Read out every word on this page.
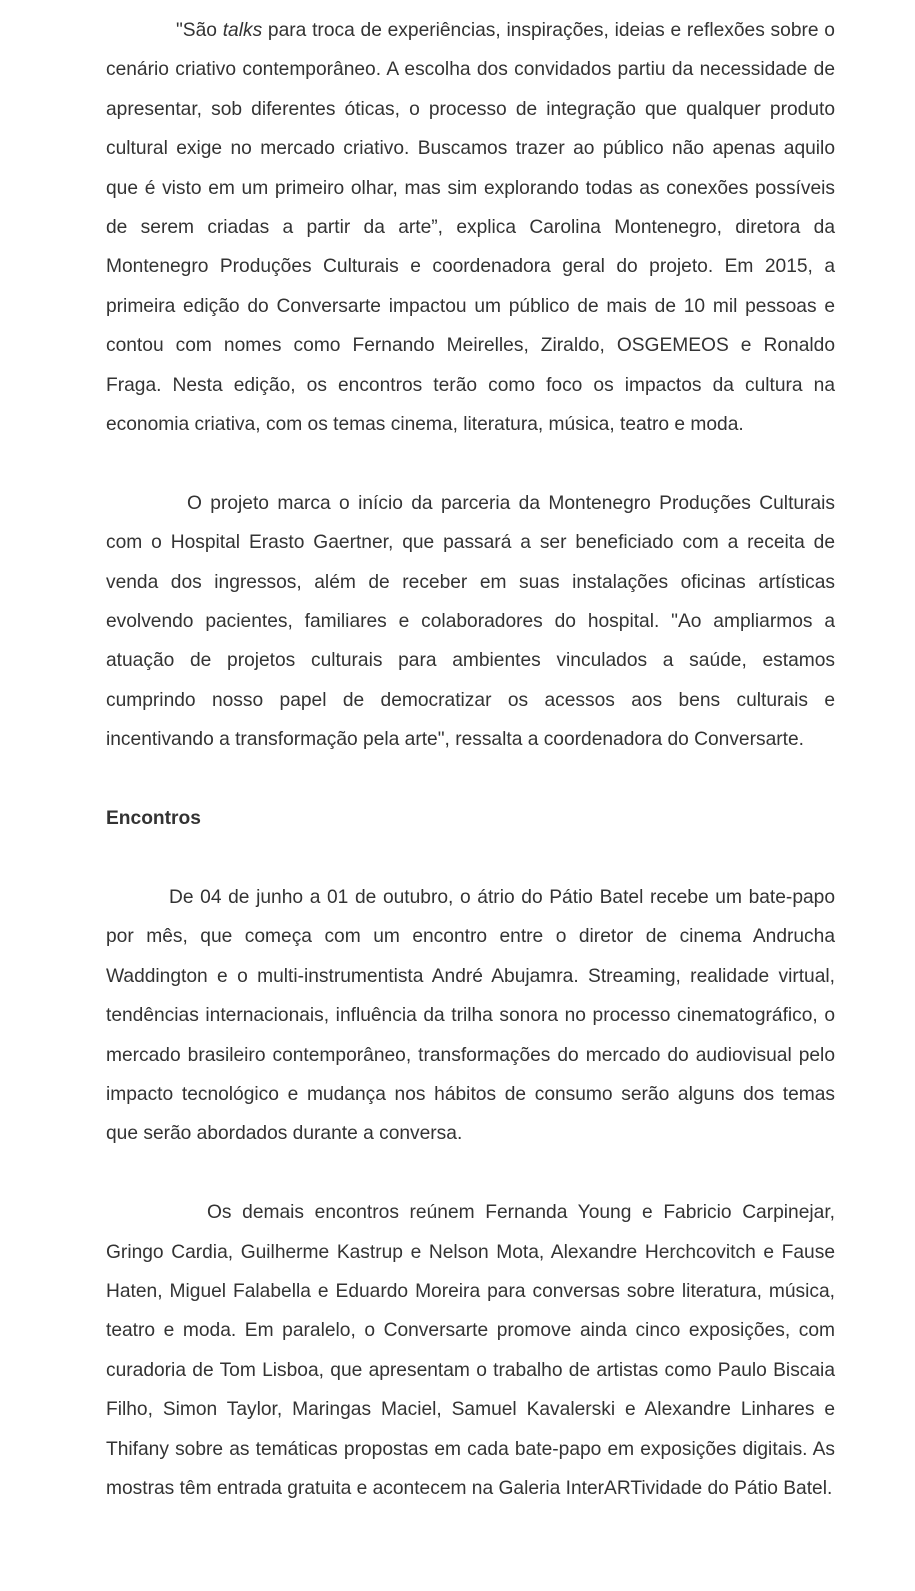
"São talks para troca de experiências, inspirações, ideias e reflexões sobre o cenário criativo contemporâneo. A escolha dos convidados partiu da necessidade de apresentar, sob diferentes óticas, o processo de integração que qualquer produto cultural exige no mercado criativo. Buscamos trazer ao público não apenas aquilo que é visto em um primeiro olhar, mas sim explorando todas as conexões possíveis de serem criadas a partir da arte”, explica Carolina Montenegro, diretora da Montenegro Produções Culturais e coordenadora geral do projeto. Em 2015, a primeira edição do Conversarte impactou um público de mais de 10 mil pessoas e contou com nomes como Fernando Meirelles, Ziraldo, OSGEMEOS e Ronaldo Fraga. Nesta edição, os encontros terão como foco os impactos da cultura na economia criativa, com os temas cinema, literatura, música, teatro e moda.

O projeto marca o início da parceria da Montenegro Produções Culturais com o Hospital Erasto Gaertner, que passará a ser beneficiado com a receita de venda dos ingressos, além de receber em suas instalações oficinas artísticas evolvendo pacientes, familiares e colaboradores do hospital. "Ao ampliarmos a atuação de projetos culturais para ambientes vinculados a saúde, estamos cumprindo nosso papel de democratizar os acessos aos bens culturais e incentivando a transformação pela arte", ressalta a coordenadora do Conversarte.

Encontros

De 04 de junho a 01 de outubro, o átrio do Pátio Batel recebe um bate-papo por mês, que começa com um encontro entre o diretor de cinema Andrucha Waddington e o multi-instrumentista André Abujamra. Streaming, realidade virtual, tendências internacionais, influência da trilha sonora no processo cinematográfico, o mercado brasileiro contemporâneo, transformações do mercado do audiovisual pelo impacto tecnológico e mudança nos hábitos de consumo serão alguns dos temas que serão abordados durante a conversa.

Os demais encontros reúnem Fernanda Young e Fabricio Carpinejar, Gringo Cardia, Guilherme Kastrup e Nelson Mota, Alexandre Herchcovitch e Fause Haten, Miguel Falabella e Eduardo Moreira para conversas sobre literatura, música, teatro e moda. Em paralelo, o Conversarte promove ainda cinco exposições, com curadoria de Tom Lisboa, que apresentam o trabalho de artistas como Paulo Biscaia Filho, Simon Taylor, Maringas Maciel, Samuel Kavalerski e Alexandre Linhares e Thifany sobre as temáticas propostas em cada bate-papo em exposições digitais. As mostras têm entrada gratuita e acontecem na Galeria InterARTividade do Pátio Batel.
